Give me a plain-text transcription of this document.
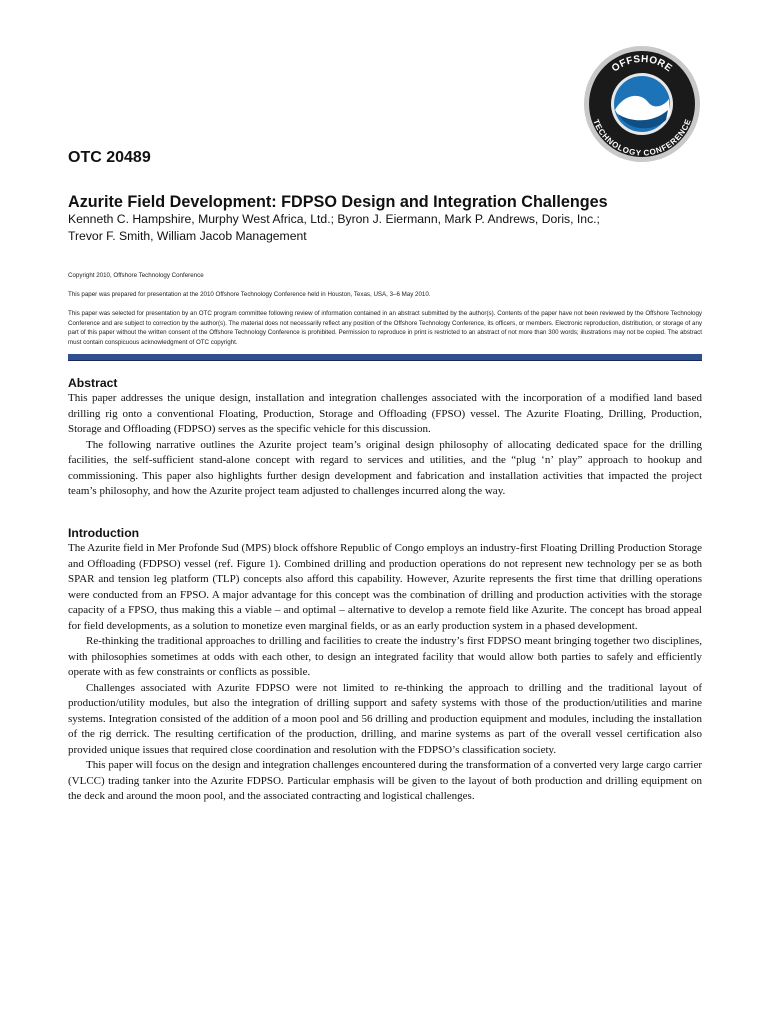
OFFSHORE
TECHNOLOGY CONFERENCE
OTC 20489
Azurite Field Development: FDPSO Design and Integration Challenges
Kenneth C. Hampshire, Murphy West Africa, Ltd.; Byron J. Eiermann, Mark P. Andrews, Doris, Inc.;
Trevor F. Smith, William Jacob Management
Copyright 2010, Offshore Technology Conference
This paper was prepared for presentation at the 2010 Offshore Technology Conference held in Houston, Texas, USA, 3–6 May 2010.
This paper was selected for presentation by an OTC program committee following review of information contained in an abstract submitted by the author(s). Contents of the paper have not been reviewed by the Offshore Technology Conference and are subject to correction by the author(s). The material does not necessarily reflect any position of the Offshore Technology Conference, its officers, or members. Electronic reproduction, distribution, or storage of any part of this paper without the written consent of the Offshore Technology Conference is prohibited. Permission to reproduce in print is restricted to an abstract of not more than 300 words; illustrations may not be copied. The abstract must contain conspicuous acknowledgment of OTC copyright.
Abstract

This paper addresses the unique design, installation and integration challenges associated with the incorporation of a modified land based drilling rig onto a conventional Floating, Production, Storage and Offloading (FPSO) vessel. The Azurite Floating, Drilling, Production, Storage and Offloading (FDPSO) serves as the specific vehicle for this discussion.

The following narrative outlines the Azurite project team’s original design philosophy of allocating dedicated space for the drilling facilities, the self-sufficient stand-alone concept with regard to services and utilities, and the “plug ‘n’ play” approach to hookup and commissioning. This paper also highlights further design development and fabrication and installation activities that impacted the project team’s philosophy, and how the Azurite project team adjusted to challenges incurred along the way.

Introduction

The Azurite field in Mer Profonde Sud (MPS) block offshore Republic of Congo employs an industry-first Floating Drilling Production Storage and Offloading (FDPSO) vessel (ref. Figure 1). Combined drilling and production operations do not represent new technology per se as both SPAR and tension leg platform (TLP) concepts also afford this capability. However, Azurite represents the first time that drilling operations were conducted from an FPSO. A major advantage for this concept was the combination of drilling and production activities with the storage capacity of a FPSO, thus making this a viable – and optimal – alternative to develop a remote field like Azurite. The concept has broad appeal for field developments, as a solution to monetize even marginal fields, or as an early production system in a phased development.

Re-thinking the traditional approaches to drilling and facilities to create the industry’s first FDPSO meant bringing together two disciplines, with philosophies sometimes at odds with each other, to design an integrated facility that would allow both parties to safely and efficiently operate with as few constraints or conflicts as possible.

Challenges associated with Azurite FDPSO were not limited to re-thinking the approach to drilling and the traditional layout of production/utility modules, but also the integration of drilling support and safety systems with those of the production/utilities and marine systems. Integration consisted of the addition of a moon pool and 56 drilling and production equipment and modules, including the installation of the rig derrick. The resulting certification of the production, drilling, and marine systems as part of the overall vessel certification also provided unique issues that required close coordination and resolution with the FDPSO’s classification society.

This paper will focus on the design and integration challenges encountered during the transformation of a converted very large cargo carrier (VLCC) trading tanker into the Azurite FDPSO. Particular emphasis will be given to the layout of both production and drilling equipment on the deck and around the moon pool, and the associated contracting and logistical challenges.
